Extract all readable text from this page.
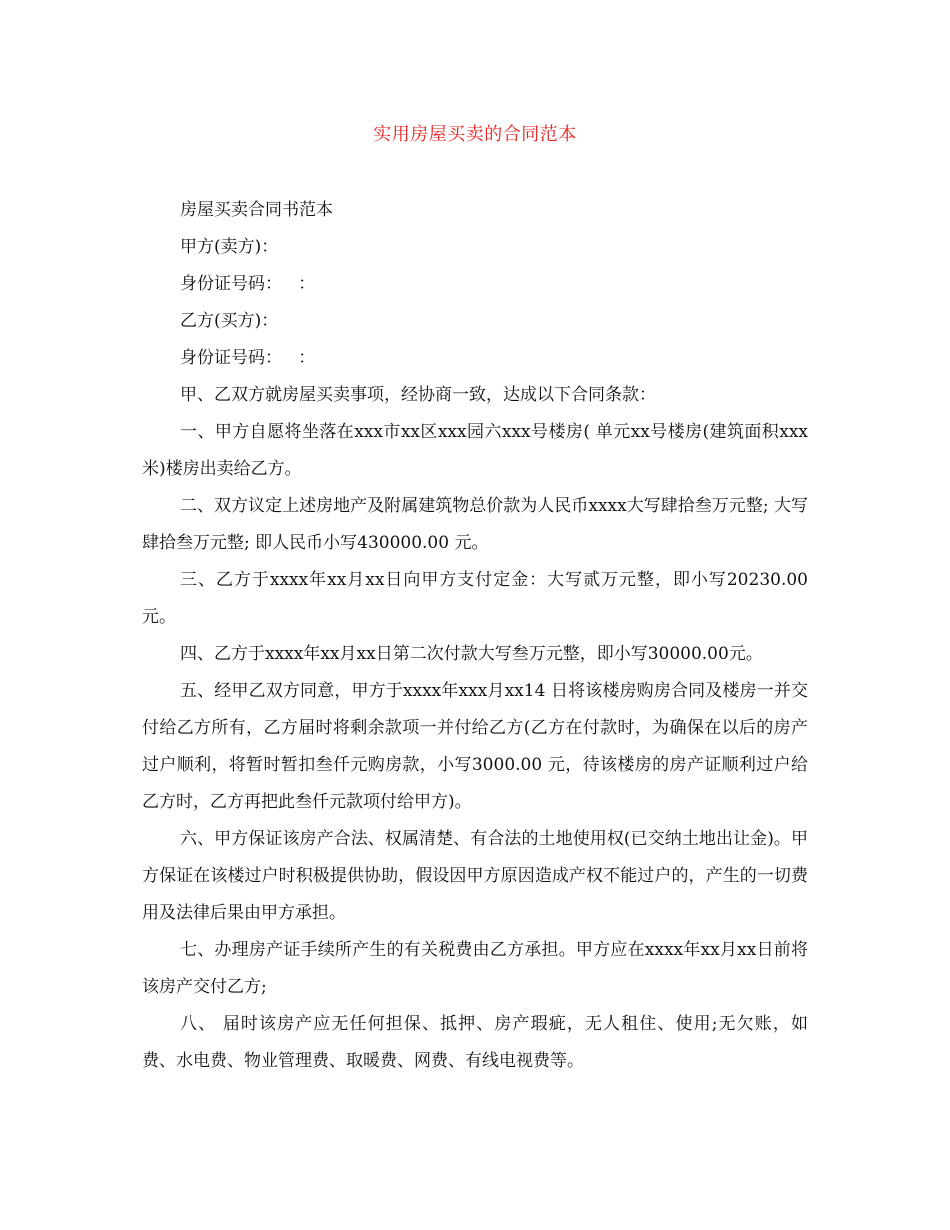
实用房屋买卖的合同范本

房屋买卖合同书范本

甲方(卖方)：

身份证号码：   ：

乙方(买方)：

身份证号码：   ：

甲、乙双方就房屋买卖事项，经协商一致，达成以下合同条款：

一、甲方自愿将坐落在xxx市xx区xxx园六xxx号楼房( 单元xx号楼房(建筑面积xxx米)楼房出卖给乙方。

二、双方议定上述房地产及附属建筑物总价款为人民币xxxx大写肆拾叁万元整; 大写肆拾叁万元整; 即人民币小写430000.00 元。

三、乙方于xxxx年xx月xx日向甲方支付定金：大写贰万元整，即小写20230.00 元。

四、乙方于xxxx年xx月xx日第二次付款大写叁万元整，即小写30000.00元。

五、经甲乙双方同意，甲方于xxxx年xxx月xx14 日将该楼房购房合同及楼房一并交付给乙方所有，乙方届时将剩余款项一并付给乙方(乙方在付款时，为确保在以后的房产过户顺利，将暂时暂扣叁仟元购房款，小写3000.00 元，待该楼房的房产证顺利过户给乙方时，乙方再把此叁仟元款项付给甲方)。

六、甲方保证该房产合法、权属清楚、有合法的土地使用权(已交纳土地出让金)。甲方保证在该楼过户时积极提供协助，假设因甲方原因造成产权不能过户的，产生的一切费用及法律后果由甲方承担。

七、办理房产证手续所产生的有关税费由乙方承担。甲方应在xxxx年xx月xx日前将该房产交付乙方;

八、 届时该房产应无任何担保、抵押、房产瑕疵，无人租住、使用;无欠账，如 费、水电费、物业管理费、取暖费、网费、有线电视费等。
